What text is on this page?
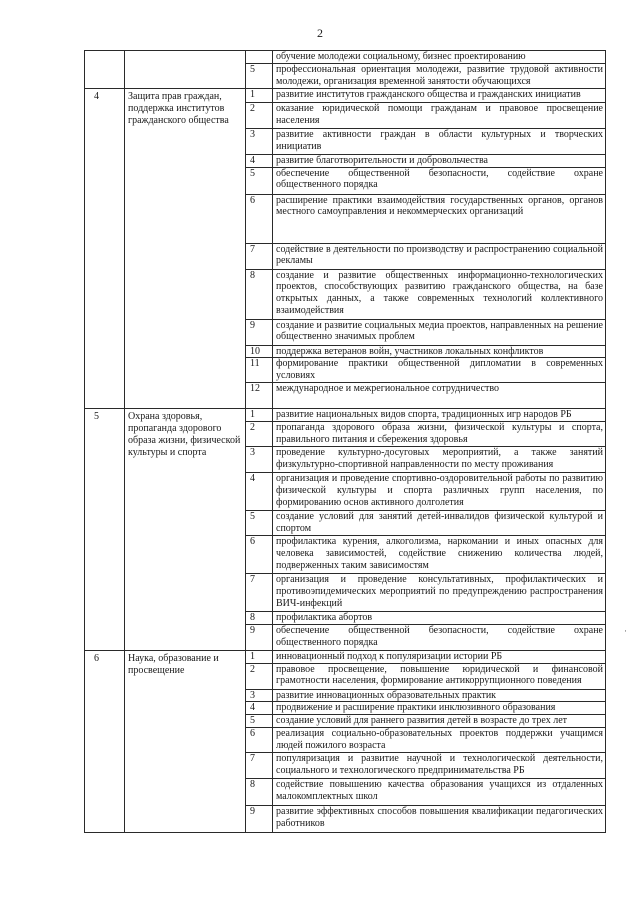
2

	обучение молодежи социальному, бизнес проектированию
5	профессиональная ориентация молодежи, развитие трудовой активности молодежи, организация временной занятости обучающихся

4	Защита прав граждан, поддержка институтов гражданского общества	
1	развитие институтов гражданского общества и гражданских инициатив
2	оказание юридической помощи гражданам и правовое просвещение населения
3	развитие активности граждан в области культурных и творческих инициатив
4	развитие благотворительности и добровольчества
5	обеспечение общественной безопасности, содействие охране общественного порядка
6	расширение практики взаимодействия государственных органов, органов местного самоуправления и некоммерческих организаций
7	содействие в деятельности по производству и распространению социальной рекламы
8	создание и развитие общественных информационно-технологических проектов, способствующих развитию гражданского общества, на базе открытых данных, а также современных технологий коллективного взаимодействия
9	создание и развитие социальных медиа проектов, направленных на решение общественно значимых проблем
10	поддержка ветеранов войн, участников локальных конфликтов
11	формирование практики общественной дипломатии в современных условиях
12	международное и межрегиональное сотрудничество

5	Охрана здоровья, пропаганда здорового образа жизни, физической культуры и спорта	
1	развитие национальных видов спорта, традиционных игр народов РБ
2	пропаганда здорового образа жизни, физической культуры и спорта, правильного питания и сбережения здоровья
3	проведение культурно-досуговых мероприятий, а также занятий физкультурно-спортивной направленности по месту проживания
4	организация и проведение спортивно-оздоровительной работы по развитию физической культуры и спорта различных групп населения, по формированию основ активного долголетия
5	создание условий для занятий детей-инвалидов физической культурой и спортом
6	профилактика курения, алкоголизма, наркомании и иных опасных для человека зависимостей, содействие снижению количества людей, подверженных таким зависимостям
7	организация и проведение консультативных, профилактических и противоэпидемических мероприятий по предупреждению распространения ВИЧ-инфекций
8	профилактика абортов
9	обеспечение общественной безопасности, содействие охране общественного порядка

6	Наука, образование и просвещение	
1	инновационный подход к популяризации истории РБ
2	правовое просвещение, повышение юридической и финансовой грамотности населения, формирование антикоррупционного поведения
3	развитие инновационных образовательных практик
4	продвижение и расширение практики инклюзивного образования
5	создание условий для раннего развития детей в возрасте до трех лет
6	реализация социально-образовательных проектов поддержки учащимся людей пожилого возраста
7	популяризация и развитие научной и технологической деятельности, социального и технологического предпринимательства РБ
8	содействие повышению качества образования учащихся из отдаленных малокомплектных школ
9	развитие эффективных способов повышения квалификации педагогических работников
·
